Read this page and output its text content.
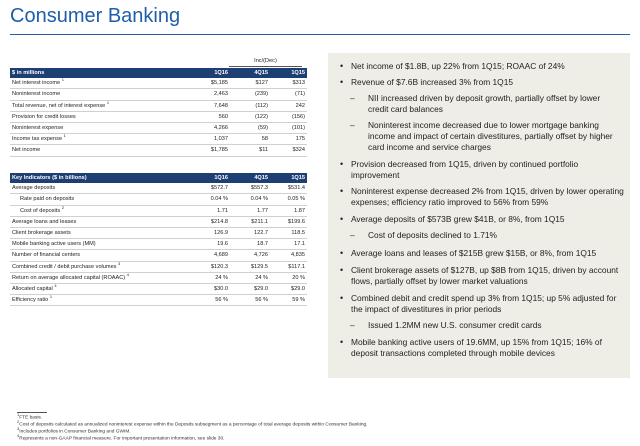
Consumer Banking
Inc/(Dec)
$ in millions	1Q16	4Q15	1Q15
Net interest income $^1$	$5,185	$127	$313
Noninterest income	2,463	(239)	(71)
Total revenue, net of interest expense $^1$	7,648	(112)	242
Provision for credit losses	560	(122)	(156)
Noninterest expense	4,266	(59)	(101)
Income tax expense $^1$	1,037	58	175
Net income	$1,785	$11	$324
Key Indicators ($ in billions)	1Q16	4Q15	1Q15
Average deposits	$572.7	$557.3	$531.4
Rate paid on deposits	0.04 %	0.04 %	0.05 %
Cost of deposits $^2$	1.71	1.77	1.87
Average loans and leases	$214.8	$211.1	$199.6
Client brokerage assets	126.9	122.7	118.5
Mobile banking active users (MM)	19.6	18.7	17.1
Number of financial centers	4,689	4,726	4,835
Combined credit / debit purchase volumes $^3$	$120.3	$129.5	$117.1
Return on average allocated capital (ROAAC) $^4$	24 %	24 %	20 %
Allocated capital $^4$	$30.0	$29.0	$29.0
Efficiency ratio $^1$	56 %	56 %	59 %
• Net income of $1.8B, up 22% from 1Q15; ROAAC of 24%
• Revenue of $7.6B increased 3% from 1Q15
– NII increased driven by deposit growth, partially offset by lower credit card balances
– Noninterest income decreased due to lower mortgage banking income and impact of certain divestitures, partially offset by higher card income and service charges
• Provision decreased from 1Q15, driven by continued portfolio improvement
• Noninterest expense decreased 2% from 1Q15, driven by lower operating expenses; efficiency ratio improved to 56% from 59%
• Average deposits of $573B grew $41B, or 8%, from 1Q15
– Cost of deposits declined to 1.71%
• Average loans and leases of $215B grew $15B, or 8%, from 1Q15
• Client brokerage assets of $127B, up $8B from 1Q15, driven by account flows, partially offset by lower market valuations
• Combined debit and credit spend up 3% from 1Q15; up 5% adjusted for the impact of divestitures in prior periods
– Issued 1.2MM new U.S. consumer credit cards
• Mobile banking active users of 19.6MM, up 15% from 1Q15; 16% of deposit transactions completed through mobile devices
$^1$FTE basis.
$^2$Cost of deposits calculated as annualized noninterest expense within the Deposits subsegment as a percentage of total average deposits within Consumer Banking.
$^3$Includes portfolios in Consumer Banking and GWIM.
$^4$Represents a non-GAAP financial measure. For important presentation information, see slide 30.
